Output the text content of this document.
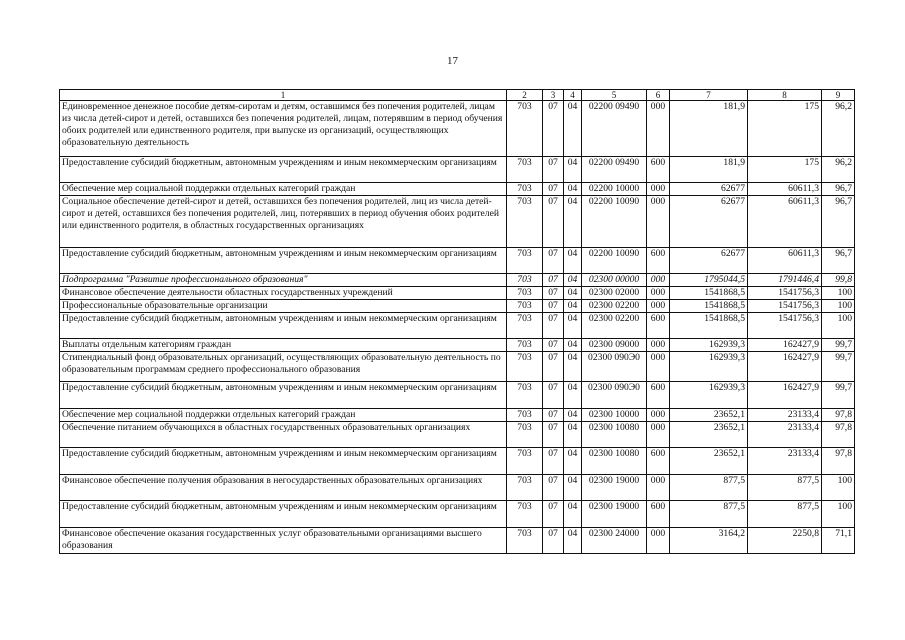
17
1	2	3	4	5	6	7	8	9
Единовременное денежное пособие детям-сиротам и детям, оставшимся без попечения родителей, лицам из числа детей-сирот и детей, оставшихся без попечения родителей, лицам, потерявшим в период обучения обоих родителей или единственного родителя, при выпуске из организаций, осуществляющих образовательную деятельность	703	07	04	02200 09490	000	181,9	175	96,2
Предоставление субсидий бюджетным, автономным учреждениям и иным некоммерческим организациям	703	07	04	02200 09490	600	181,9	175	96,2
Обеспечение мер социальной поддержки отдельных категорий граждан	703	07	04	02200 10000	000	62677	60611,3	96,7
Социальное обеспечение детей-сирот и детей, оставшихся без попечения родителей, лиц из числа детей-сирот и детей, оставшихся без попечения родителей, лиц, потерявших в период обучения обоих родителей или единственного родителя, в областных государственных организациях	703	07	04	02200 10090	000	62677	60611,3	96,7
Предоставление субсидий бюджетным, автономным учреждениям и иным некоммерческим организациям	703	07	04	02200 10090	600	62677	60611,3	96,7
Подпрограмма "Развитие профессионального образования"	703	07	04	02300 00000	000	1795044,5	1791446,4	99,8
Финансовое обеспечение деятельности областных государственных учреждений	703	07	04	02300 02000	000	1541868,5	1541756,3	100
Профессиональные образовательные организации	703	07	04	02300 02200	000	1541868,5	1541756,3	100
Предоставление субсидий бюджетным, автономным учреждениям и иным некоммерческим организациям	703	07	04	02300 02200	600	1541868,5	1541756,3	100
Выплаты отдельным категориям граждан	703	07	04	02300 09000	000	162939,3	162427,9	99,7
Стипендиальный фонд образовательных организаций, осуществляющих образовательную деятельность по образовательным программам среднего профессионального образования	703	07	04	02300 090Э0	000	162939,3	162427,9	99,7
Предоставление субсидий бюджетным, автономным учреждениям и иным некоммерческим организациям	703	07	04	02300 090Э0	600	162939,3	162427,9	99,7
Обеспечение мер социальной поддержки отдельных категорий граждан	703	07	04	02300 10000	000	23652,1	23133,4	97,8
Обеспечение питанием обучающихся в областных государственных образовательных организациях	703	07	04	02300 10080	000	23652,1	23133,4	97,8
Предоставление субсидий бюджетным, автономным учреждениям и иным некоммерческим организациям	703	07	04	02300 10080	600	23652,1	23133,4	97,8
Финансовое обеспечение получения образования в негосударственных образовательных организациях	703	07	04	02300 19000	000	877,5	877,5	100
Предоставление субсидий бюджетным, автономным учреждениям и иным некоммерческим организациям	703	07	04	02300 19000	600	877,5	877,5	100
Финансовое обеспечение оказания государственных услуг образовательными организациями высшего образования	703	07	04	02300 24000	000	3164,2	2250,8	71,1
